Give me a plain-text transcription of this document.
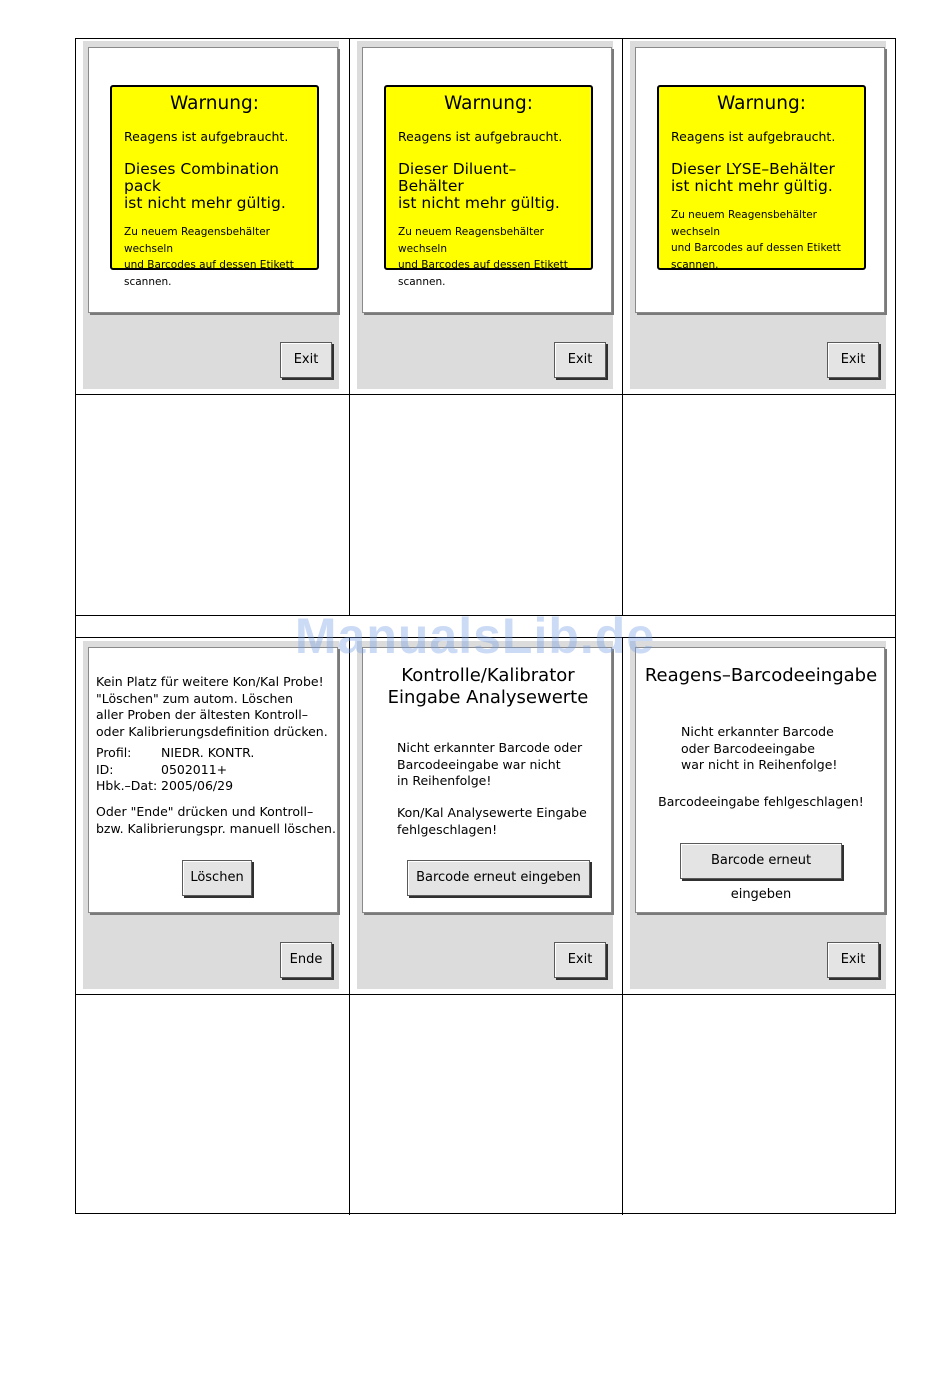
Warnung:
Reagens ist aufgebraucht.
Dieses Combination pack
ist nicht mehr gültig.
Zu neuem Reagensbehälter wechseln
und Barcodes auf dessen Etikett
scannen.
Exit
Warnung:
Reagens ist aufgebraucht.
Dieser Diluent–Behälter
ist nicht mehr gültig.
Zu neuem Reagensbehälter wechseln
und Barcodes auf dessen Etikett
scannen.
Exit
Warnung:
Reagens ist aufgebraucht.
Dieser LYSE–Behälter
ist nicht mehr gültig.
Zu neuem Reagensbehälter wechseln
und Barcodes auf dessen Etikett
scannen.
Exit
Kein Platz für weitere Kon/Kal Probe!
"Löschen" zum autom. Löschen
aller Proben der ältesten Kontroll–
oder Kalibrierungsdefinition drücken.
Profil:	NIEDR. KONTR.
ID:	0502011+
Hbk.–Dat: 2005/06/29
Oder "Ende" drücken und Kontroll–
bzw. Kalibrierungspr. manuell löschen.
Löschen
Ende
Kontrolle/Kalibrator
Eingabe Analysewerte
Nicht erkannter Barcode oder
Barcodeeingabe war nicht
in Reihenfolge!
Kon/Kal Analysewerte Eingabe
fehlgeschlagen!
Barcode erneut eingeben
Exit
Reagens–Barcodeeingabe
Nicht erkannter Barcode
oder Barcodeeingabe
war nicht in Reihenfolge!
Barcodeeingabe fehlgeschlagen!
Barcode erneut eingeben
Exit
ManualsLib.de
